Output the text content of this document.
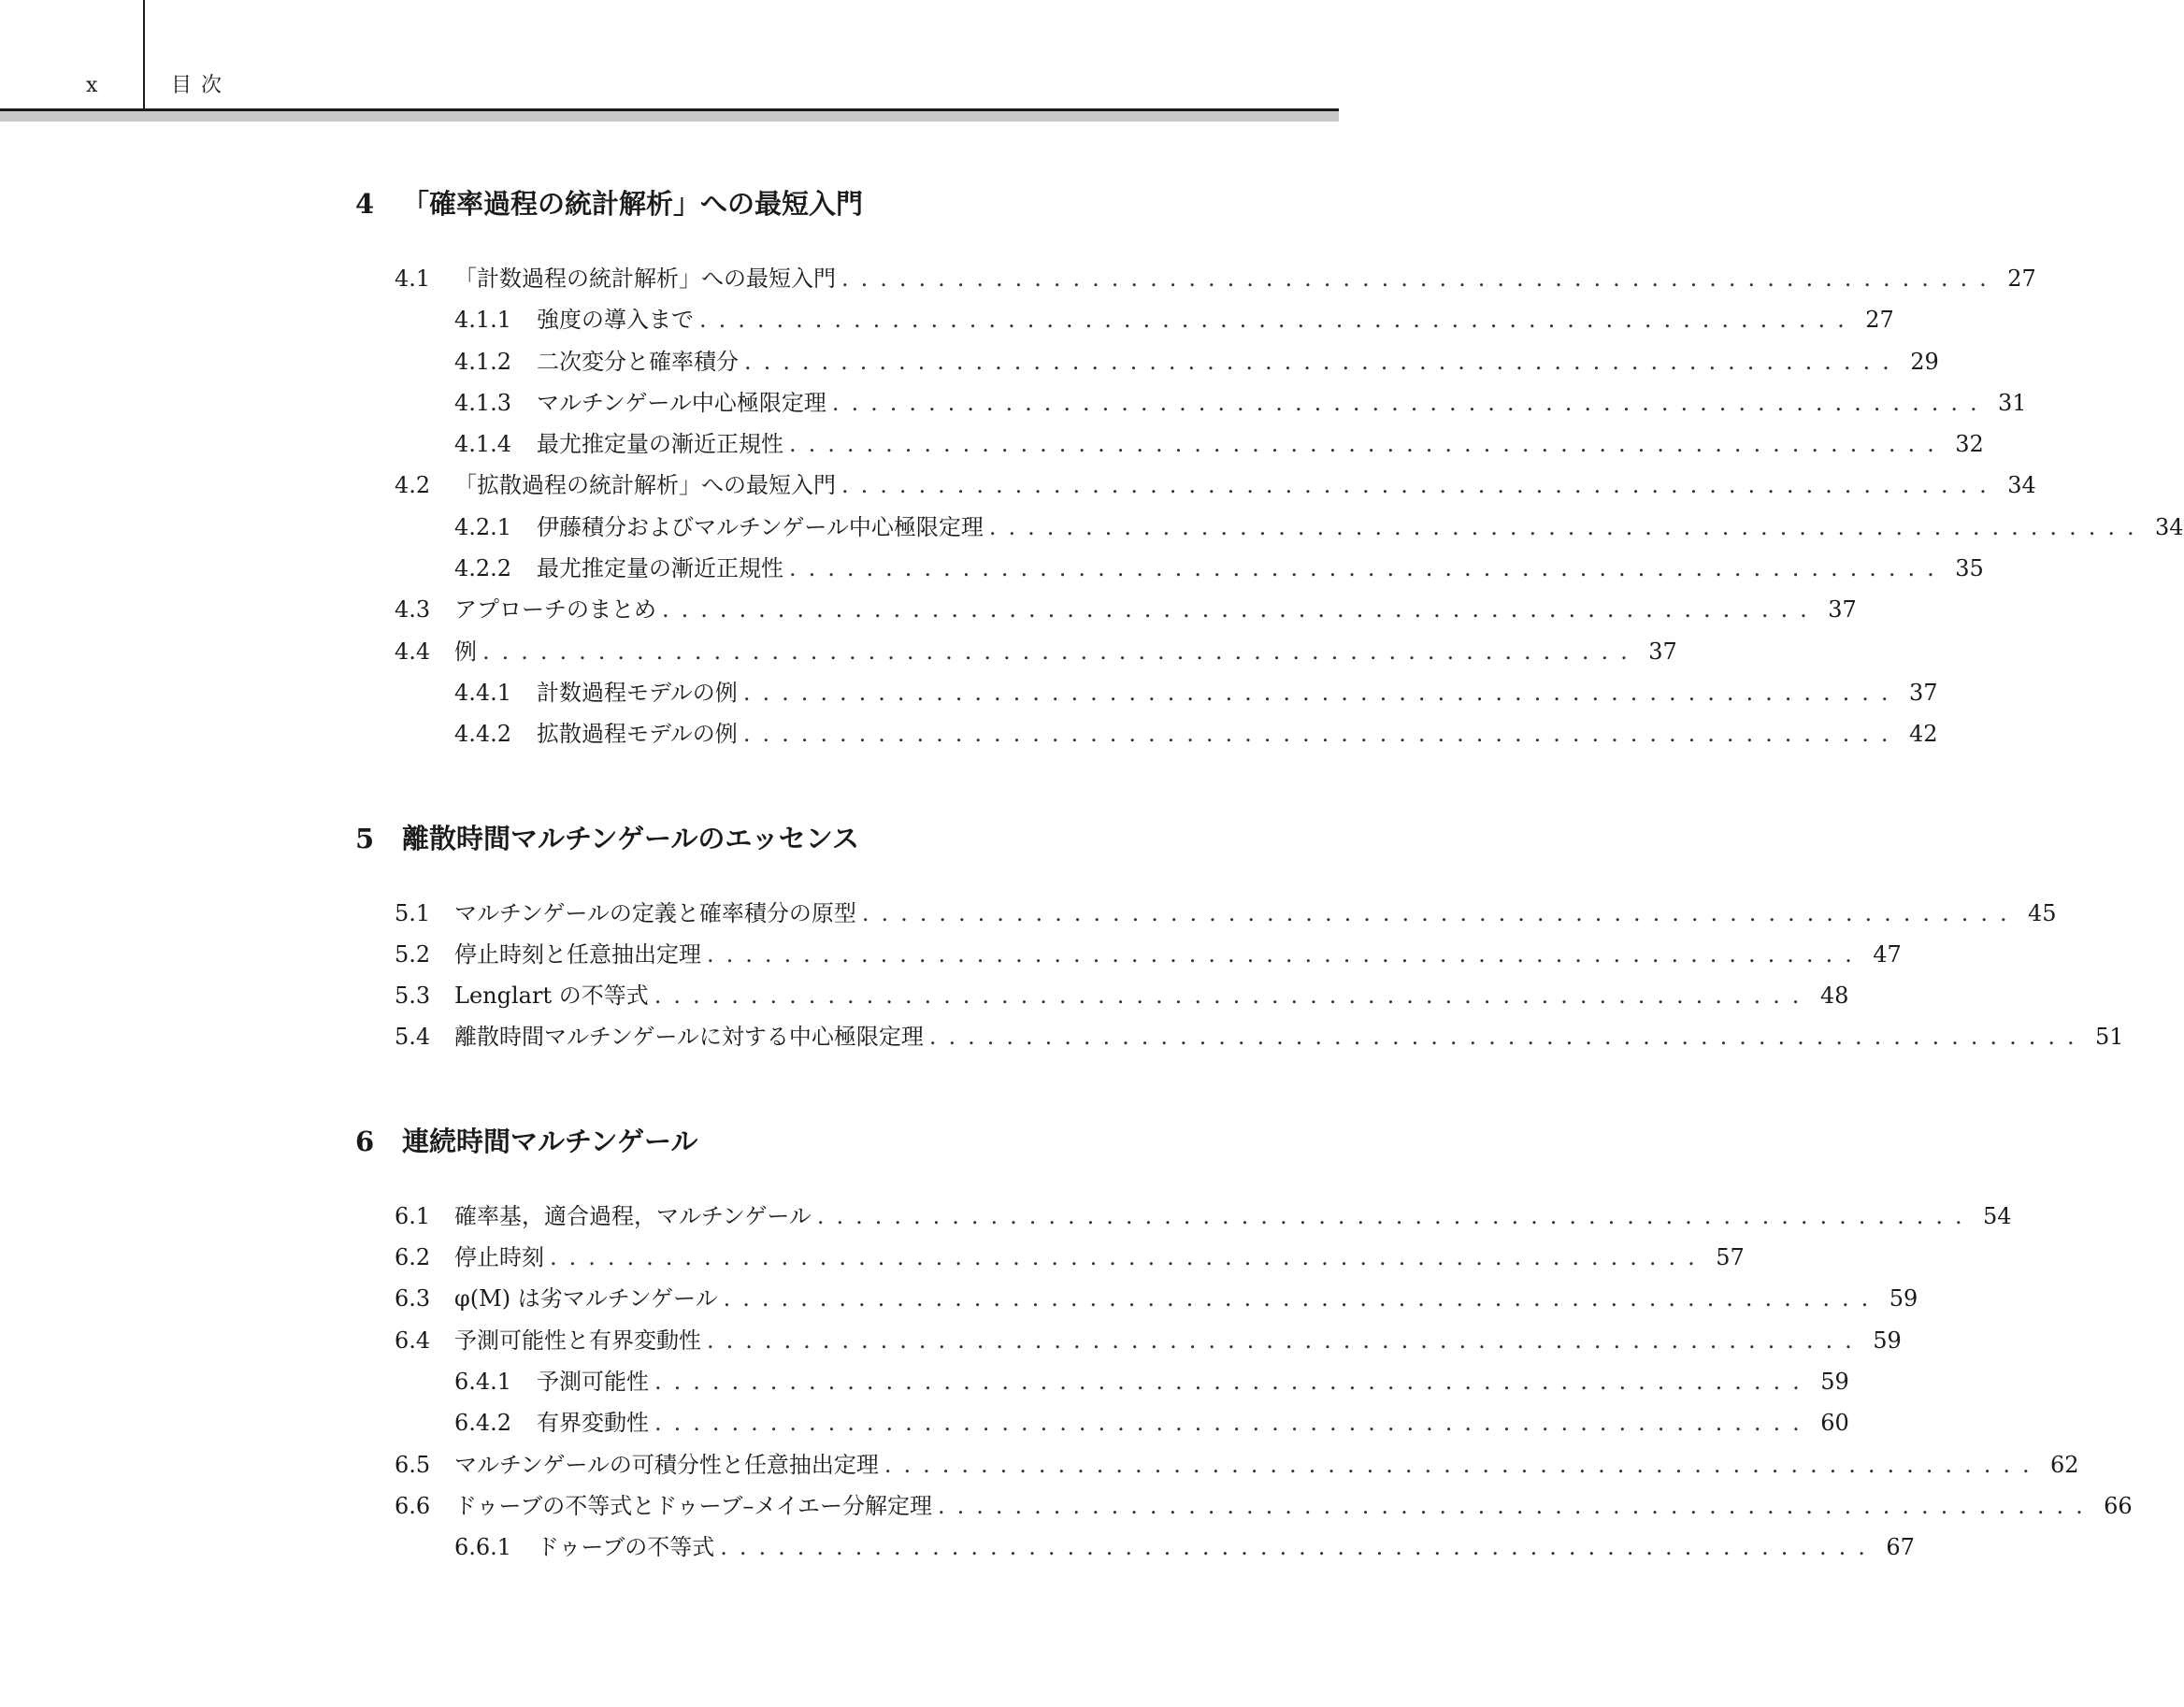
x	目次
4	「確率過程の統計解析」への最短入門
4.1	「計数過程の統計解析」への最短入門 ............................................................ 27
4.1.1	強度の導入まで ............................................................ 27
4.1.2	二次変分と確率積分 ............................................................ 29
4.1.3	マルチンゲール中心極限定理 ............................................................ 31
4.1.4	最尤推定量の漸近正規性 ............................................................ 32
4.2	「拡散過程の統計解析」への最短入門 ............................................................ 34
4.2.1	伊藤積分およびマルチンゲール中心極限定理 ............................................................ 34
4.2.2	最尤推定量の漸近正規性 ............................................................ 35
4.3	アプローチのまとめ ............................................................ 37
4.4	例 ............................................................ 37
4.4.1	計数過程モデルの例 ............................................................ 37
4.4.2	拡散過程モデルの例 ............................................................ 42
5	離散時間マルチンゲールのエッセンス
5.1	マルチンゲールの定義と確率積分の原型 ............................................................ 45
5.2	停止時刻と任意抽出定理 ............................................................ 47
5.3	Lenglart の不等式 ............................................................ 48
5.4	離散時間マルチンゲールに対する中心極限定理 ............................................................ 51
6	連続時間マルチンゲール
6.1	確率基，適合過程，マルチンゲール ............................................................ 54
6.2	停止時刻 ............................................................ 57
6.3	φ(M) は劣マルチンゲール ............................................................ 59
6.4	予測可能性と有界変動性 ............................................................ 59
6.4.1	予測可能性 ............................................................ 59
6.4.2	有界変動性 ............................................................ 60
6.5	マルチンゲールの可積分性と任意抽出定理 ............................................................ 62
6.6	ドゥーブの不等式とドゥーブ–メイエー分解定理 ............................................................ 66
6.6.1	ドゥーブの不等式 ............................................................ 67
